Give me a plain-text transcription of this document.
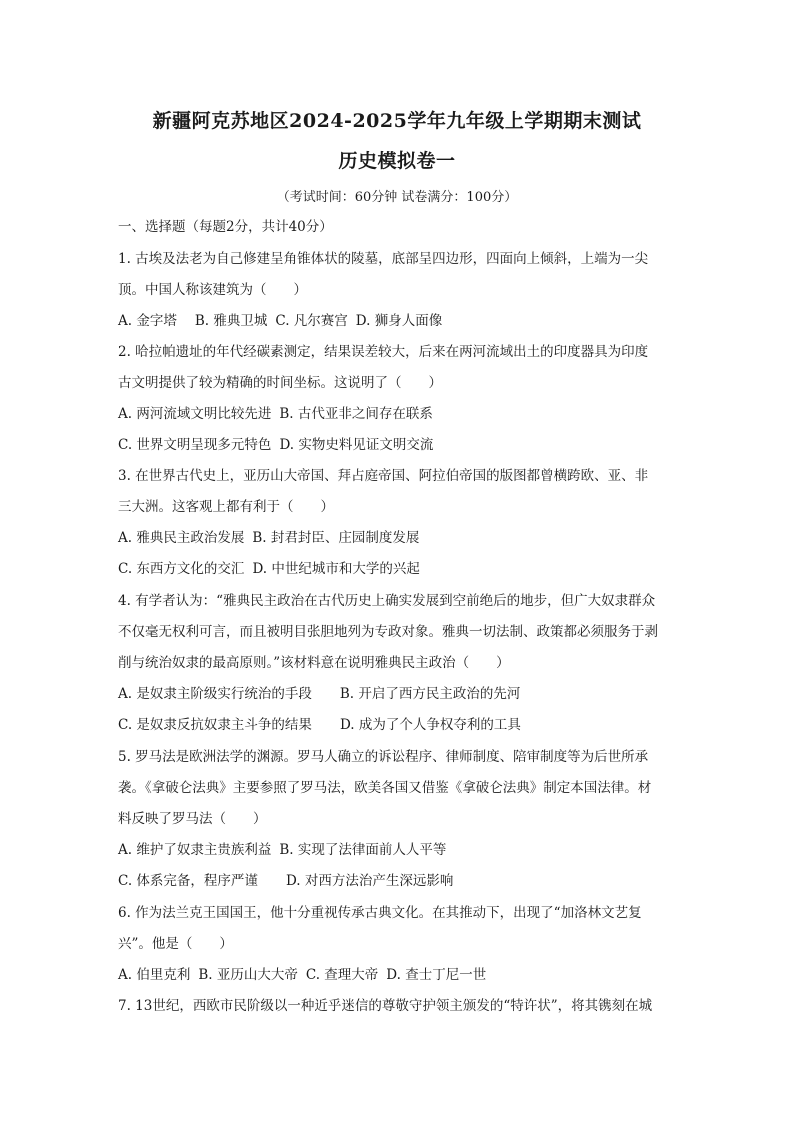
新疆阿克苏地区2024-2025学年九年级上学期期末测试
历史模拟卷一
（考试时间：60分钟 试卷满分：100分）
一、选择题（每题2分，共计40分）
1. 古埃及法老为自己修建呈角锥体状的陵墓，底部呈四边形，四面向上倾斜，上端为一尖
顶。中国人称该建筑为（　　）
A. 金字塔 B. 雅典卫城 C. 凡尔赛宫 D. 狮身人面像
2. 哈拉帕遗址的年代经碳素测定，结果误差较大，后来在两河流域出土的印度器具为印度
古文明提供了较为精确的时间坐标。这说明了（　　）
A. 两河流域文明比较先进 B. 古代亚非之间存在联系
C. 世界文明呈现多元特色 D. 实物史料见证文明交流
3. 在世界古代史上，亚历山大帝国、拜占庭帝国、阿拉伯帝国的版图都曾横跨欧、亚、非
三大洲。这客观上都有利于（　　）
A. 雅典民主政治发展 B. 封君封臣、庄园制度发展
C. 东西方文化的交汇 D. 中世纪城市和大学的兴起
4. 有学者认为：“雅典民主政治在古代历史上确实发展到空前绝后的地步，但广大奴隶群众
不仅毫无权利可言，而且被明目张胆地列为专政对象。雅典一切法制、政策都必须服务于剥
削与统治奴隶的最高原则。”该材料意在说明雅典民主政治（　　）
A. 是奴隶主阶级实行统治的手段 B. 开启了西方民主政治的先河
C. 是奴隶反抗奴隶主斗争的结果 D. 成为了个人争权夺利的工具
5. 罗马法是欧洲法学的渊源。罗马人确立的诉讼程序、律师制度、陪审制度等为后世所承
袭。《拿破仑法典》主要参照了罗马法，欧美各国又借鉴《拿破仑法典》制定本国法律。材
料反映了罗马法（　　）
A. 维护了奴隶主贵族利益 B. 实现了法律面前人人平等
C. 体系完备，程序严谨 D. 对西方法治产生深远影响
6. 作为法兰克王国国王，他十分重视传承古典文化。在其推动下，出现了“加洛林文艺复
兴”。他是（　　）
A. 伯里克利 B. 亚历山大大帝 C. 查理大帝 D. 查士丁尼一世
7. 13世纪，西欧市民阶级以一种近乎迷信的尊敬守护领主颁发的“特许状”，将其镌刻在城
